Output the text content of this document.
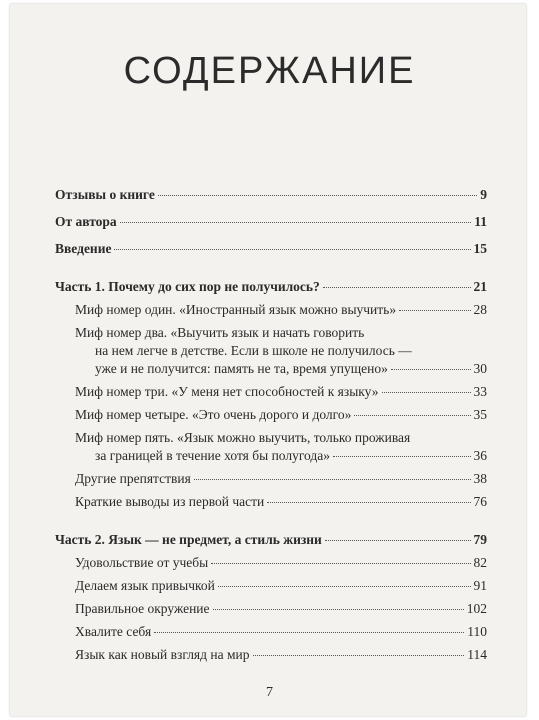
СОДЕРЖАНИЕ
Отзывы о книге	9
От автора	11
Введение	15
Часть 1. Почему до сих пор не получилось?	21
Миф номер один. «Иностранный язык можно выучить»	28
Миф номер два. «Выучить язык и начать говорить
на нем легче в детстве. Если в школе не получилось —
уже и не получится: память не та, время упущено»	30
Миф номер три. «У меня нет способностей к языку»	33
Миф номер четыре. «Это очень дорого и долго»	35
Миф номер пять. «Язык можно выучить, только проживая
за границей в течение хотя бы полугода»	36
Другие препятствия	38
Краткие выводы из первой части	76
Часть 2. Язык — не предмет, а стиль жизни	79
Удовольствие от учебы	82
Делаем язык привычкой	91
Правильное окружение	102
Хвалите себя	110
Язык как новый взгляд на мир	114
7
